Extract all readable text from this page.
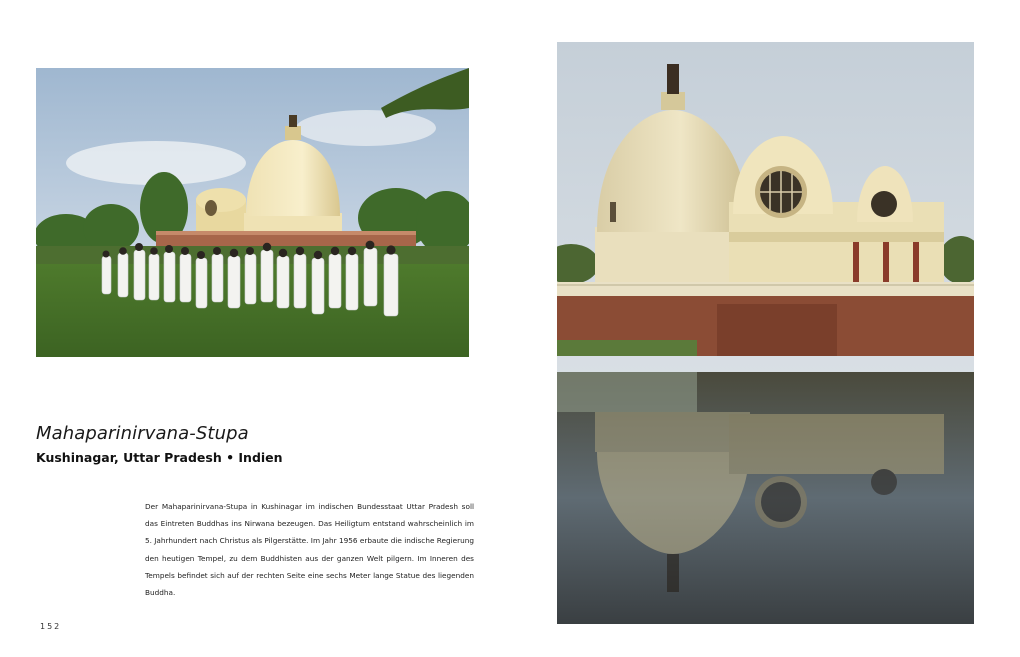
Mahaparinirvana-Stupa
Kushinagar, Uttar Pradesh • Indien

Der Mahaparinirvana-Stupa in Kushinagar im indischen Bundesstaat Uttar Pradesh soll das Eintreten Buddhas ins Nirwana bezeugen. Das Heiligtum entstand wahrscheinlich im 5. Jahrhundert nach Christus als Pilgerstätte. Im Jahr 1956 erbaute die indische Regierung den heutigen Tempel, zu dem Buddhisten aus der ganzen Welt pilgern. Im Inneren des Tempels befindet sich auf der rechten Seite eine sechs Meter lange Statue des liegenden Buddha.

152
